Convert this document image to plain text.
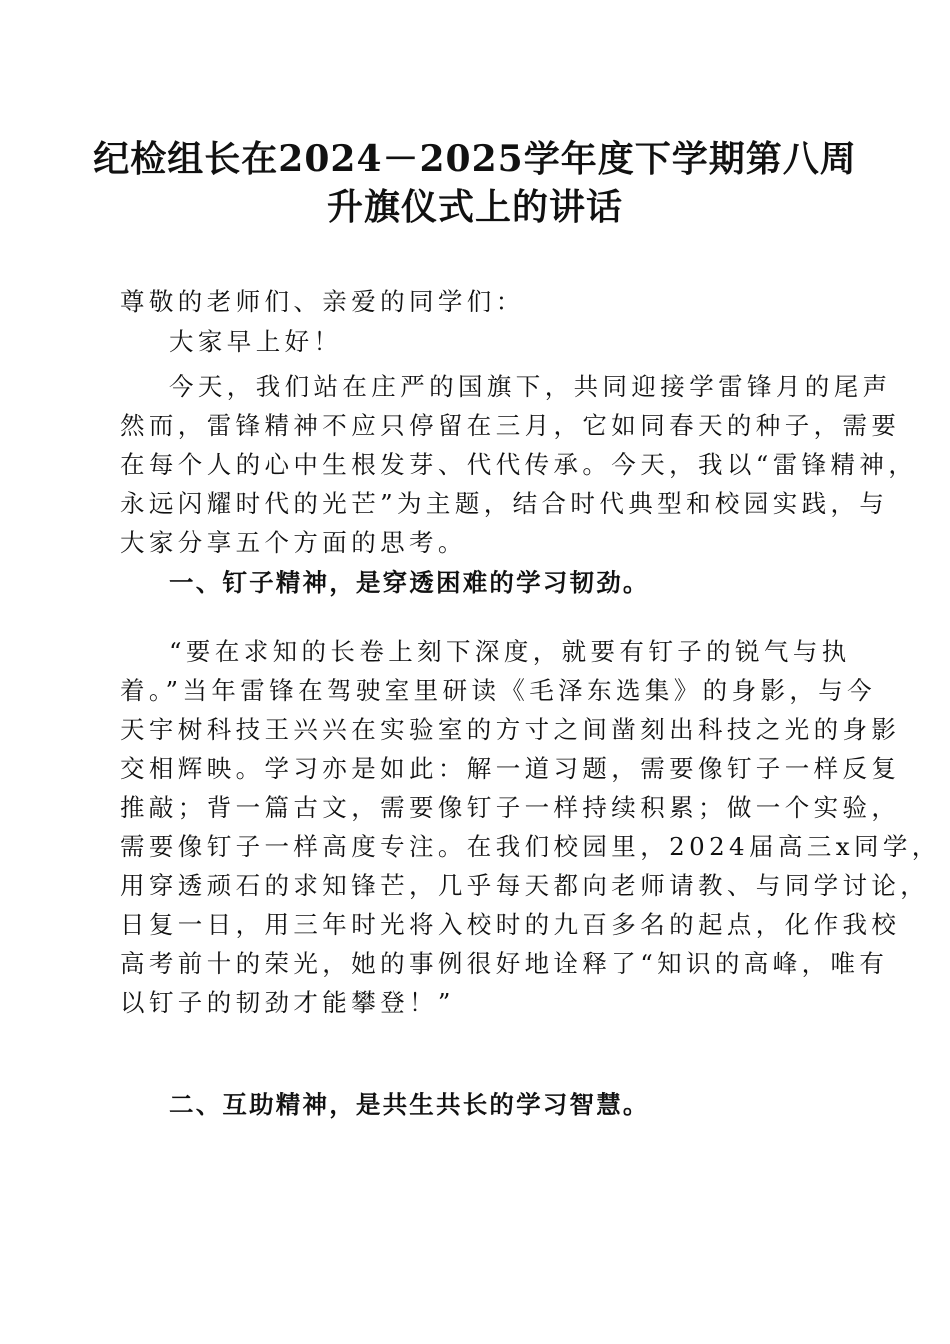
纪检组长在2024－2025学年度下学期第八周
升旗仪式上的讲话
尊敬的老师们、亲爱的同学们：
大家早上好！
今天，我们站在庄严的国旗下，共同迎接学雷锋月的尾声
然而，雷锋精神不应只停留在三月，它如同春天的种子，需要
在每个人的心中生根发芽、代代传承。今天，我以“雷锋精神，
永远闪耀时代的光芒”为主题，结合时代典型和校园实践，与
大家分享五个方面的思考。
一、钉子精神，是穿透困难的学习韧劲。
“要在求知的长卷上刻下深度，就要有钉子的锐气与执
着。”当年雷锋在驾驶室里研读《毛泽东选集》的身影，与今
天宇树科技王兴兴在实验室的方寸之间凿刻出科技之光的身影
交相辉映。学习亦是如此：解一道习题，需要像钉子一样反复
推敲；背一篇古文，需要像钉子一样持续积累；做一个实验，
需要像钉子一样高度专注。在我们校园里，2024届高三x同学，
用穿透顽石的求知锋芒，几乎每天都向老师请教、与同学讨论，
日复一日，用三年时光将入校时的九百多名的起点，化作我校
高考前十的荣光，她的事例很好地诠释了“知识的高峰，唯有
以钉子的韧劲才能攀登！”
二、互助精神，是共生共长的学习智慧。
